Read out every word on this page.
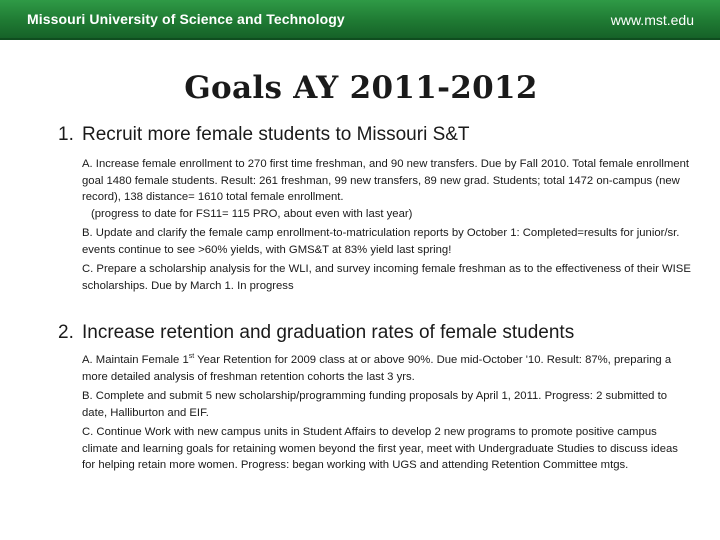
Missouri University of Science and Technology	www.mst.edu
Goals AY 2011-2012
1. Recruit more female students to Missouri S&T

A. Increase female enrollment to 270 first time freshman, and 90 new transfers. Due by Fall 2010. Total female enrollment goal 1480 female students. Result: 261 freshman, 99 new transfers, 89 new grad. Students; total 1472 on-campus (new record), 138 distance= 1610 total female enrollment.

(progress to date for FS11= 115 PRO, about even with last year)

B. Update and clarify the female camp enrollment-to-matriculation reports by October 1: Completed=results for junior/sr. events continue to see >60% yields, with GMS&T at 83% yield last spring!

C. Prepare a scholarship analysis for the WLI, and survey incoming female freshman as to the effectiveness of their WISE scholarships. Due by March 1. In progress

2. Increase retention and graduation rates of female students

A. Maintain Female 1st Year Retention for 2009 class at or above 90%. Due mid-October '10. Result: 87%, preparing a more detailed analysis of freshman retention cohorts the last 3 yrs.

B. Complete and submit 5 new scholarship/programming funding proposals by April 1, 2011. Progress: 2 submitted to date, Halliburton and EIF.

C. Continue Work with new campus units in Student Affairs to develop 2 new programs to promote positive campus climate and learning goals for retaining women beyond the first year, meet with Undergraduate Studies to discuss ideas for helping retain more women. Progress: began working with UGS and attending Retention Committee mtgs.
